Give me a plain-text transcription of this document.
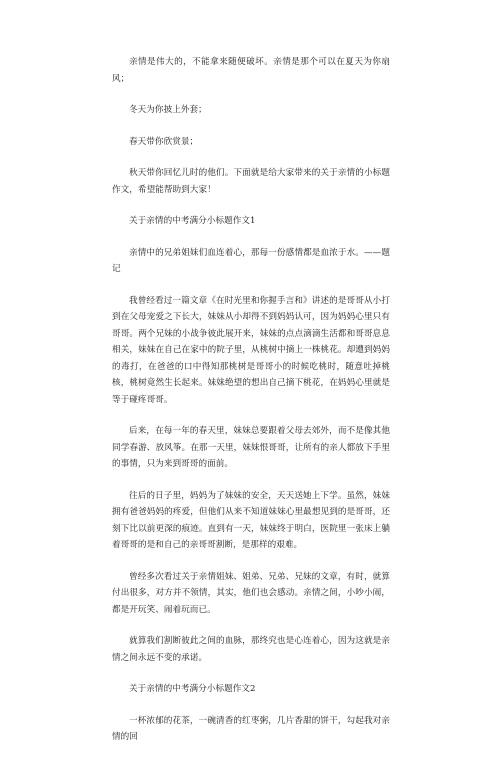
亲情是伟大的，不能拿来随便破坏。亲情是那个可以在夏天为你扇风；

冬天为你披上外套；

春天带你欣赏景；

秋天带你回忆儿时的他们。下面就是给大家带来的关于亲情的小标题作文，希望能帮助到大家！

关于亲情的中考满分小标题作文1

亲情中的兄弟姐妹们血连着心，那每一份感情都是血浓于水。——题记

我曾经看过一篇文章《在时光里和你握手言和》讲述的是哥哥从小打到在父母宠爱之下长大，妹妹从小却得不到妈妈认可，因为妈妈心里只有哥哥。两个兄妹的小战争彼此展开来，妹妹的点点滴滴生活都和哥哥息息相关，妹妹在自己在家中的院子里，从桃树中摘上一株桃花。却遭到妈妈的毒打，在爸爸的口中得知那桃树是哥哥小的时候吃桃时，随意吐掉桃核，桃树竟然生长起来。妹妹绝望的想出自己摘下桃花，在妈妈心里就是等于碰疼哥哥。

后来，在每一年的春天里，妹妹总要跟着父母去郊外，而不是像其他同学春游、放风筝。在那一天里，妹妹恨哥哥，让所有的亲人都放下手里的事情，只为来到哥哥的面前。

往后的日子里，妈妈为了妹妹的安全，天天送她上下学。虽然，妹妹拥有爸爸妈妈的疼爱，但他们从来不知道妹妹心里最想见到的是哥哥，还刻下比以前更深的痕迹。直到有一天，妹妹终于明白，医院里一张床上躺着哥哥的是和自己的亲哥哥割断，是那样的艰难。

曾经多次看过关于亲情姐妹、姐弟、兄弟、兄妹的文章，有时，就算付出很多，对方并不领情，其实，他们也会感动。亲情之间，小吵小闹，都是开玩笑、闹着玩而已。

就算我们割断彼此之间的血脉，那终究也是心连着心，因为这就是亲情之间永远不变的承诺。

关于亲情的中考满分小标题作文2

一杯浓郁的花茶，一碗清香的红枣粥，几片香甜的饼干，勾起我对亲情的回
